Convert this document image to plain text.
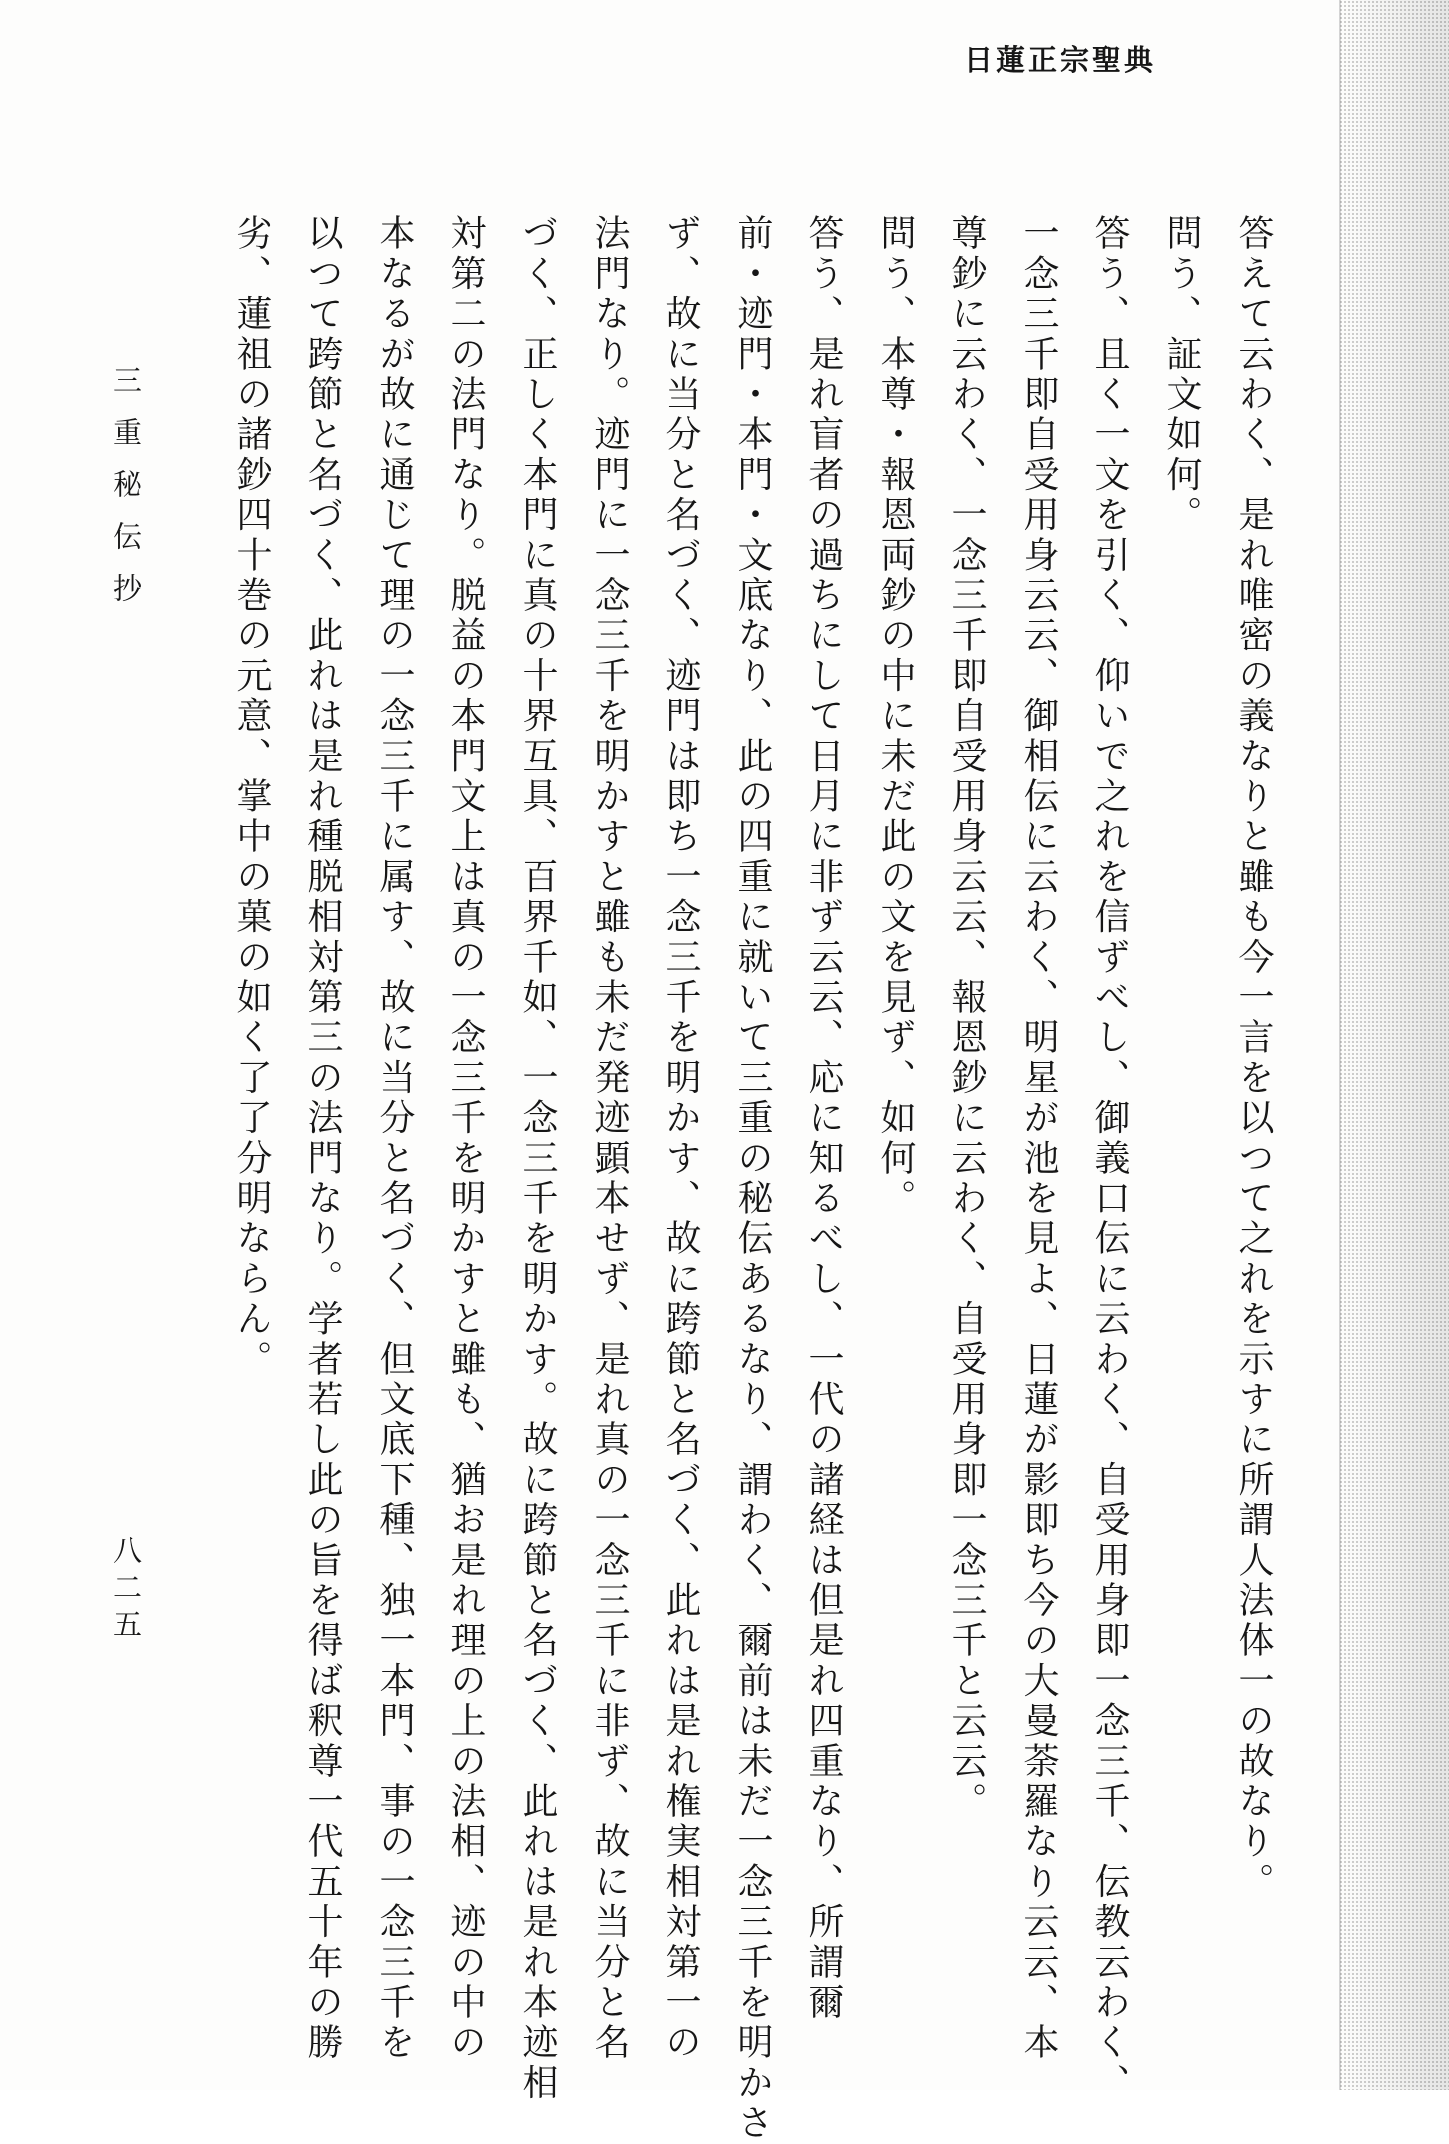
日蓮正宗聖典
答えて云わく、是れ唯密の義なりと雖も今一言を以つて之れを示すに所謂人法体一の故なり。
問う、証文如何。
答う、且く一文を引く、仰いで之れを信ずべし、御義口伝に云わく、自受用身即一念三千、伝教云わく、
一念三千即自受用身云云、御相伝に云わく、明星が池を見よ、日蓮が影即ち今の大曼荼羅なり云云、本
尊鈔に云わく、一念三千即自受用身云云、報恩鈔に云わく、自受用身即一念三千と云云。
問う、本尊・報恩両鈔の中に未だ此の文を見ず、如何。
答う、是れ盲者の過ちにして日月に非ず云云、応に知るべし、一代の諸経は但是れ四重なり、所謂爾
前・迹門・本門・文底なり、此の四重に就いて三重の秘伝あるなり、謂わく、爾前は未だ一念三千を明かさ
ず、故に当分と名づく、迹門は即ち一念三千を明かす、故に跨節と名づく、此れは是れ権実相対第一の
法門なり。迹門に一念三千を明かすと雖も未だ発迹顕本せず、是れ真の一念三千に非ず、故に当分と名
づく、正しく本門に真の十界互具、百界千如、一念三千を明かす。故に跨節と名づく、此れは是れ本迹相
対第二の法門なり。脱益の本門文上は真の一念三千を明かすと雖も、猶お是れ理の上の法相、迹の中の
本なるが故に通じて理の一念三千に属す、故に当分と名づく、但文底下種、独一本門、事の一念三千を
以つて跨節と名づく、此れは是れ種脱相対第三の法門なり。学者若し此の旨を得ば釈尊一代五十年の勝
劣、蓮祖の諸鈔四十巻の元意、掌中の菓の如く了了分明ならん。
三重秘伝抄
八二五
